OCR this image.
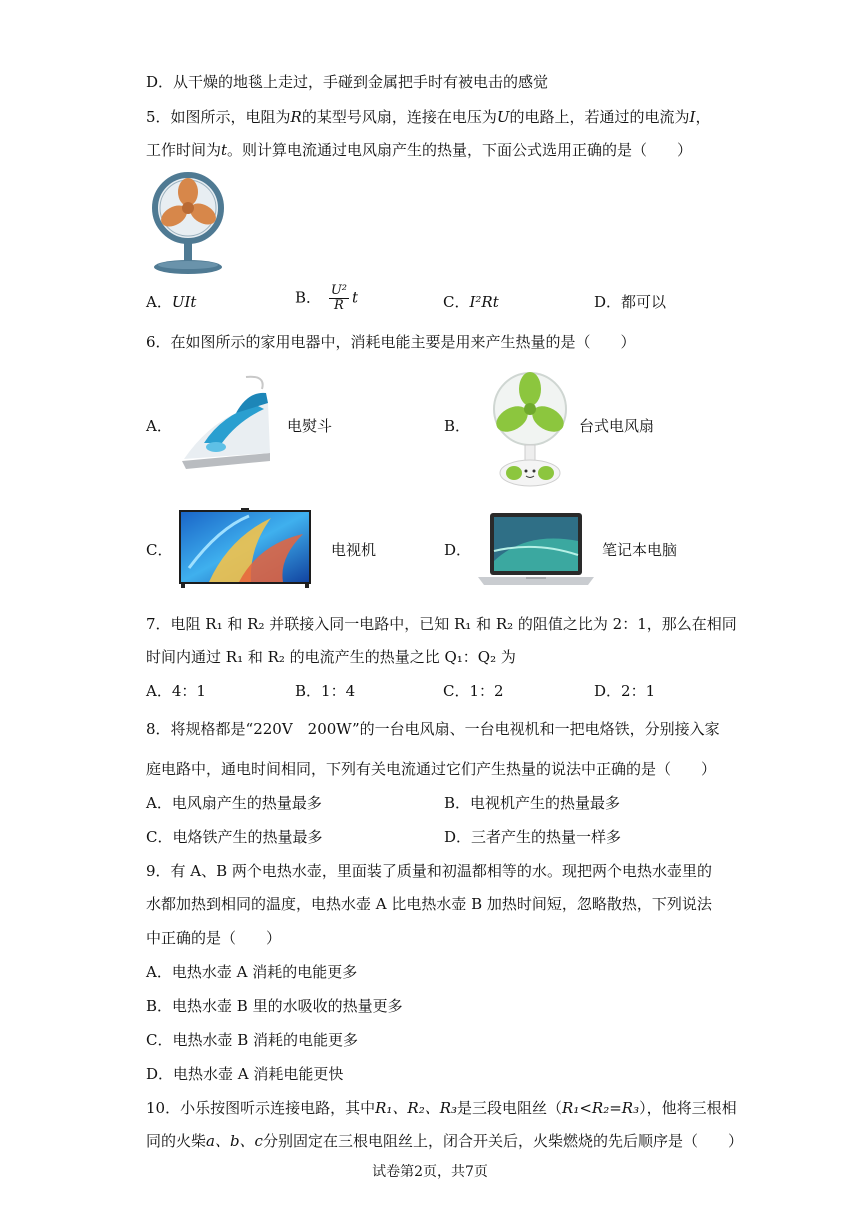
D．从干燥的地毯上走过，手碰到金属把手时有被电击的感觉
5．如图所示，电阻为R的某型号风扇，连接在电压为U的电路上，若通过的电流为I，
工作时间为t。则计算电流通过电风扇产生的热量，下面公式选用正确的是（　　）
A．UIt	B． $\frac{\text{U²}}{R}$ t	C．I²Rt	D．都可以
6．在如图所示的家用电器中，消耗电能主要是用来产生热量的是（　　）
A．	电熨斗	B．	台式电风扇
C．	电视机	D．	笔记本电脑
7．电阻 R₁ 和 R₂ 并联接入同一电路中，已知 R₁ 和 R₂ 的阻值之比为 2：1，那么在相同
时间内通过 R₁ 和 R₂ 的电流产生的热量之比 Q₁：Q₂ 为
A．4：1	B．1：4	C．1：2	D．2：1
8．将规格都是“220V　200W”的一台电风扇、一台电视机和一把电烙铁，分别接入家
庭电路中，通电时间相同，下列有关电流通过它们产生热量的说法中正确的是（　　）
A．电风扇产生的热量最多	B．电视机产生的热量最多
C．电烙铁产生的热量最多	D．三者产生的热量一样多
9．有 A、B 两个电热水壶，里面装了质量和初温都相等的水。现把两个电热水壶里的
水都加热到相同的温度，电热水壶 A 比电热水壶 B 加热时间短，忽略散热，下列说法
中正确的是（　　）
A．电热水壶 A 消耗的电能更多
B．电热水壶 B 里的水吸收的热量更多
C．电热水壶 B 消耗的电能更多
D．电热水壶 A 消耗电能更快
10．小乐按图听示连接电路，其中R₁、R₂、R₃是三段电阻丝（R₁<R₂=R₃），他将三根相
同的火柴a、b、c分别固定在三根电阻丝上，闭合开关后，火柴燃烧的先后顺序是（　　）
试卷第2页，共7页
